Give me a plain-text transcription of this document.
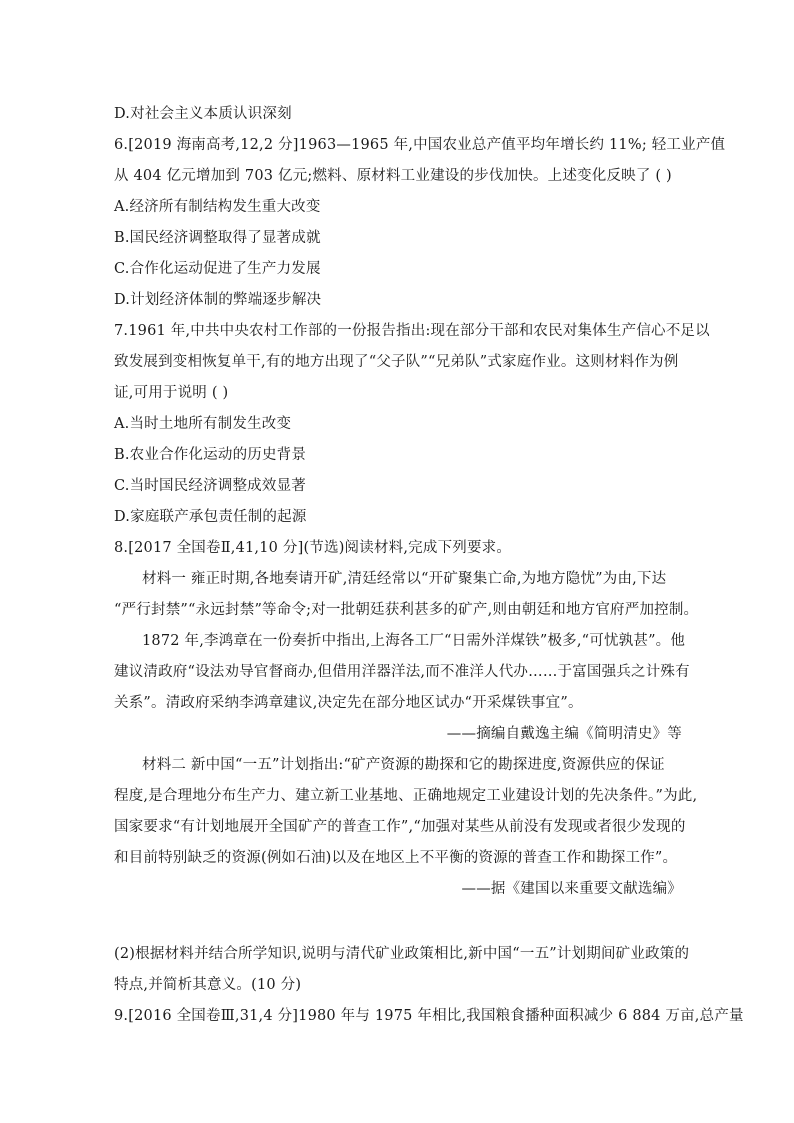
D.对社会主义本质认识深刻
6.[2019 海南高考,12,2 分]1963—1965 年,中国农业总产值平均年增长约 11%; 轻工业产值
从 404 亿元增加到 703 亿元;燃料、原材料工业建设的步伐加快。上述变化反映了 ( )
A.经济所有制结构发生重大改变
B.国民经济调整取得了显著成就
C.合作化运动促进了生产力发展
D.计划经济体制的弊端逐步解决
7.1961 年,中共中央农村工作部的一份报告指出:现在部分干部和农民对集体生产信心不足以
致发展到变相恢复单干,有的地方出现了“父子队”“兄弟队”式家庭作业。这则材料作为例
证,可用于说明 ( )
A.当时土地所有制发生改变
B.农业合作化运动的历史背景
C.当时国民经济调整成效显著
D.家庭联产承包责任制的起源
8.[2017 全国卷Ⅱ,41,10 分](节选)阅读材料,完成下列要求。
材料一 雍正时期,各地奏请开矿,清廷经常以“开矿聚集亡命,为地方隐忧”为由,下达
“严行封禁”“永远封禁”等命令;对一批朝廷获利甚多的矿产,则由朝廷和地方官府严加控制。
1872 年,李鸿章在一份奏折中指出,上海各工厂“日需外洋煤铁”极多,“可忧孰甚”。他
建议清政府“设法劝导官督商办,但借用洋器洋法,而不准洋人代办……于富国强兵之计殊有
关系”。清政府采纳李鸿章建议,决定先在部分地区试办“开采煤铁事宜”。
——摘编自戴逸主编《简明清史》等
材料二 新中国“一五”计划指出:“矿产资源的勘探和它的勘探进度,资源供应的保证
程度,是合理地分布生产力、建立新工业基地、正确地规定工业建设计划的先决条件。”为此,
国家要求“有计划地展开全国矿产的普查工作”,“加强对某些从前没有发现或者很少发现的
和目前特别缺乏的资源(例如石油)以及在地区上不平衡的资源的普查工作和勘探工作”。
——据《建国以来重要文献选编》
(2)根据材料并结合所学知识,说明与清代矿业政策相比,新中国“一五”计划期间矿业政策的
特点,并简析其意义。(10 分)
9.[2016 全国卷Ⅲ,31,4 分]1980 年与 1975 年相比,我国粮食播种面积减少 6 884 万亩,总产量
